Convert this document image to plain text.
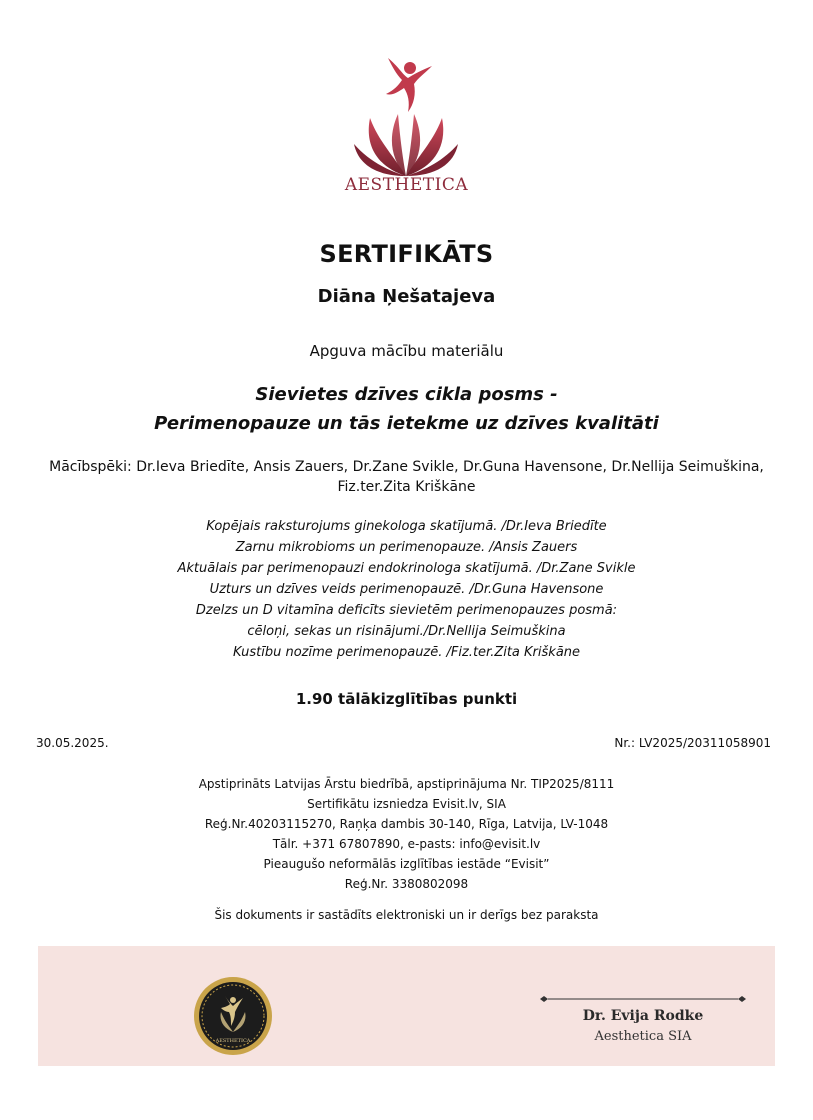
AESTHETICA
SERTIFIKĀTS
Diāna Ņešatajeva
Apguva mācību materiālu
Sievietes dzīves cikla posms -
Perimenopauze un tās ietekme uz dzīves kvalitāti
Mācībspēki: Dr.Ieva Briedīte, Ansis Zauers, Dr.Zane Svikle, Dr.Guna Havensone, Dr.Nellija Seimuškina,
Fiz.ter.Zita Kriškāne
Kopējais raksturojums ginekologa skatījumā. /Dr.Ieva Briedīte
Zarnu mikrobioms un perimenopauze. /Ansis Zauers
Aktuālais par perimenopauzi endokrinologa skatījumā. /Dr.Zane Svikle
Uzturs un dzīves veids perimenopauzē. /Dr.Guna Havensone
Dzelzs un D vitamīna deficīts sievietēm perimenopauzes posmā:
cēloņi, sekas un risinājumi./Dr.Nellija Seimuškina
Kustību nozīme perimenopauzē. /Fiz.ter.Zita Kriškāne
1.90 tālākizglītības punkti
30.05.2025.	Nr.: LV2025/20311058901
Apstiprināts Latvijas Ārstu biedrībā, apstiprinājuma Nr. TIP2025/8111
Sertifikātu izsniedza Evisit.lv, SIA
Reģ.Nr.40203115270, Raņķa dambis 30-140, Rīga, Latvija, LV-1048
Tālr. +371 67807890, e-pasts: info@evisit.lv
Pieaugušo neformālās izglītības iestāde “Evisit”
Reģ.Nr. 3380802098
Šis dokuments ir sastādīts elektroniski un ir derīgs bez paraksta
AESTHETICA
Dr. Evija Rodke
Aesthetica SIA
